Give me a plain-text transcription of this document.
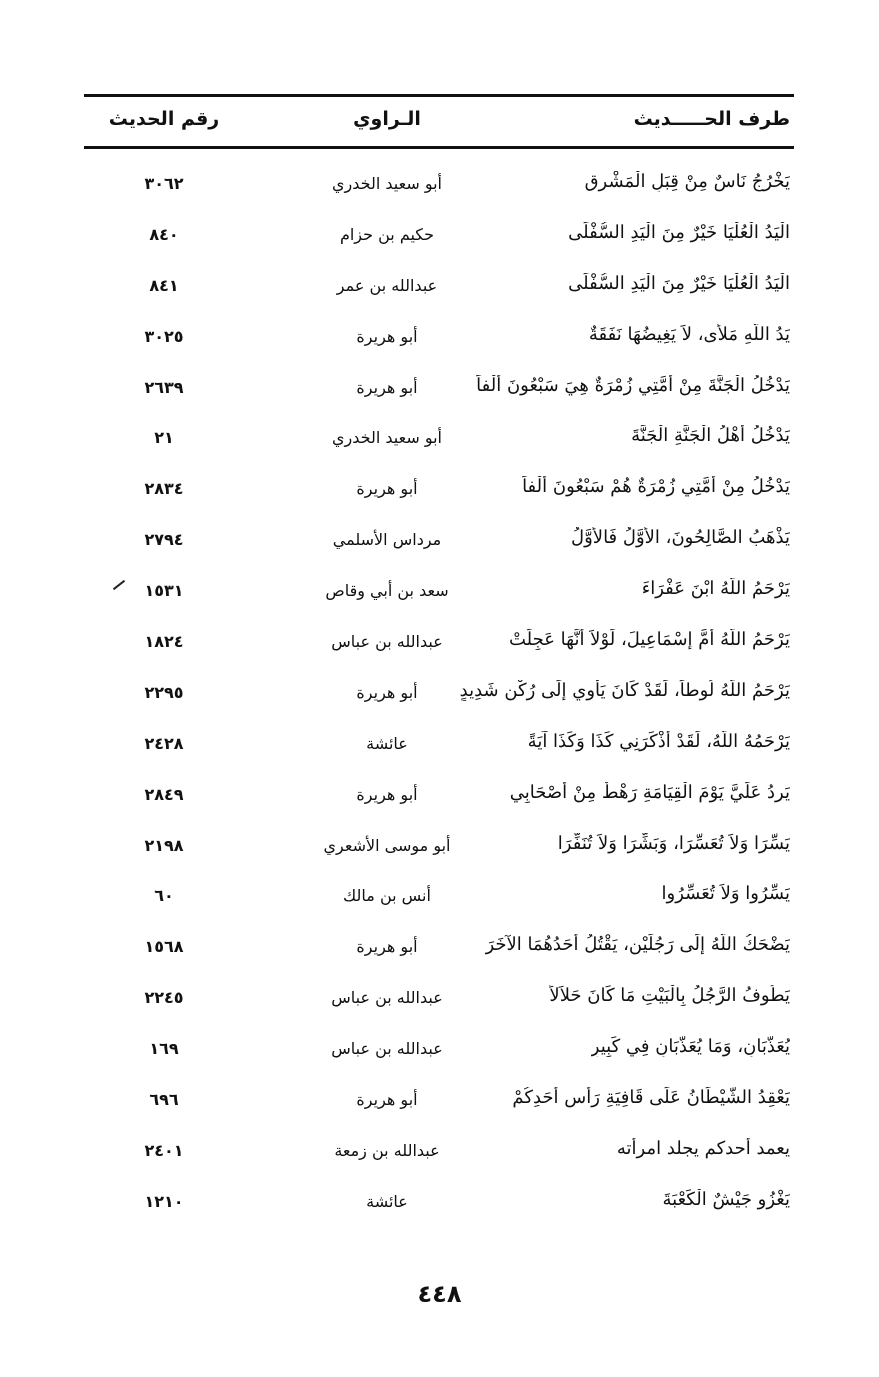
طرف الحـــــديث
الـراوي
رقم الحديث
يَخْرُجُ نَاسٌ مِنْ قِبَلِ الْمَشْرِقِ
أبو سعيد الخدري
٣٠٦٢
الْيَدُ الْعُلْيَا خَيْرٌ مِنَ الْيَدِ السُّفْلَى
حكيم بن حزام
٨٤٠
الْيَدُ الْعُلْيَا خَيْرٌ مِنَ الْيَدِ السُّفْلَى
عبدالله بن عمر
٨٤١
يَدُ اللَّهِ مَلأَى، لاَ يَغِيضُهَا نَفَقَةٌ
أبو هريرة
٣٠٢٥
يَدْخُلُ الْجَنَّةَ مِنْ أُمَّتِي زُمْرَةٌ هِيَ سَبْعُونَ أَلْفاً
أبو هريرة
٢٦٣٩
يَدْخُلُ أَهْلُ الْجَنَّةِ الْجَنَّةَ
أبو سعيد الخدري
٢١
يَدْخُلُ مِنْ أُمَّتِي زُمْرَةٌ هُمْ سَبْعُونَ أَلْفاً
أبو هريرة
٢٨٣٤
يَذْهَبُ الصَّالِحُونَ، الأَوَّلُ فَالأَوَّلُ
مرداس الأسلمي
٢٧٩٤
يَرْحَمُ اللَّهُ ابْنَ عَفْرَاءَ
سعد بن أبي وقاص
١٥٣١
يَرْحَمُ اللَّهُ أُمَّ إِسْمَاعِيلَ، لَوْلاَ أَنَّهَا عَجِلَتْ
عبدالله بن عباس
١٨٢٤
يَرْحَمُ اللَّهُ لُوطاً، لَقَدْ كَانَ يَأْوِي إِلَى رُكْنٍ شَدِيدٍ
أبو هريرة
٢٢٩٥
يَرْحَمُهُ اللَّهُ، لَقَدْ أَذْكَرَنِي كَذَا وَكَذَا آيَةً
عائشة
٢٤٢٨
يَرِدُ عَلَيَّ يَوْمَ الْقِيَامَةِ رَهْطٌ مِنْ أَصْحَابِي
أبو هريرة
٢٨٤٩
يَسِّرَا وَلاَ تُعَسِّرَا، وَبَشِّرَا وَلاَ تُنَفِّرَا
أبو موسى الأشعري
٢١٩٨
يَسِّرُوا وَلاَ تُعَسِّرُوا
أنس بن مالك
٦٠
يَضْحَكُ اللَّهُ إِلَى رَجُلَيْنِ، يَقْتُلُ أَحَدُهُمَا الآخَرَ
أبو هريرة
١٥٦٨
يَطُوفُ الرَّجُلُ بِالْبَيْتِ مَا كَانَ حَلاَلاً
عبدالله بن عباس
٢٢٤٥
يُعَذَّبَانِ، وَمَا يُعَذَّبَانِ فِي كَبِيرٍ
عبدالله بن عباس
١٦٩
يَعْقِدُ الشَّيْطَانُ عَلَى قَافِيَةِ رَأْسِ أَحَدِكُمْ
أبو هريرة
٦٩٦
يعمد أحدكم يجلد امرأته
عبدالله بن زمعة
٢٤٠١
يَغْزُو جَيْشٌ الْكَعْبَةَ
عائشة
١٢١٠
٤٤٨
